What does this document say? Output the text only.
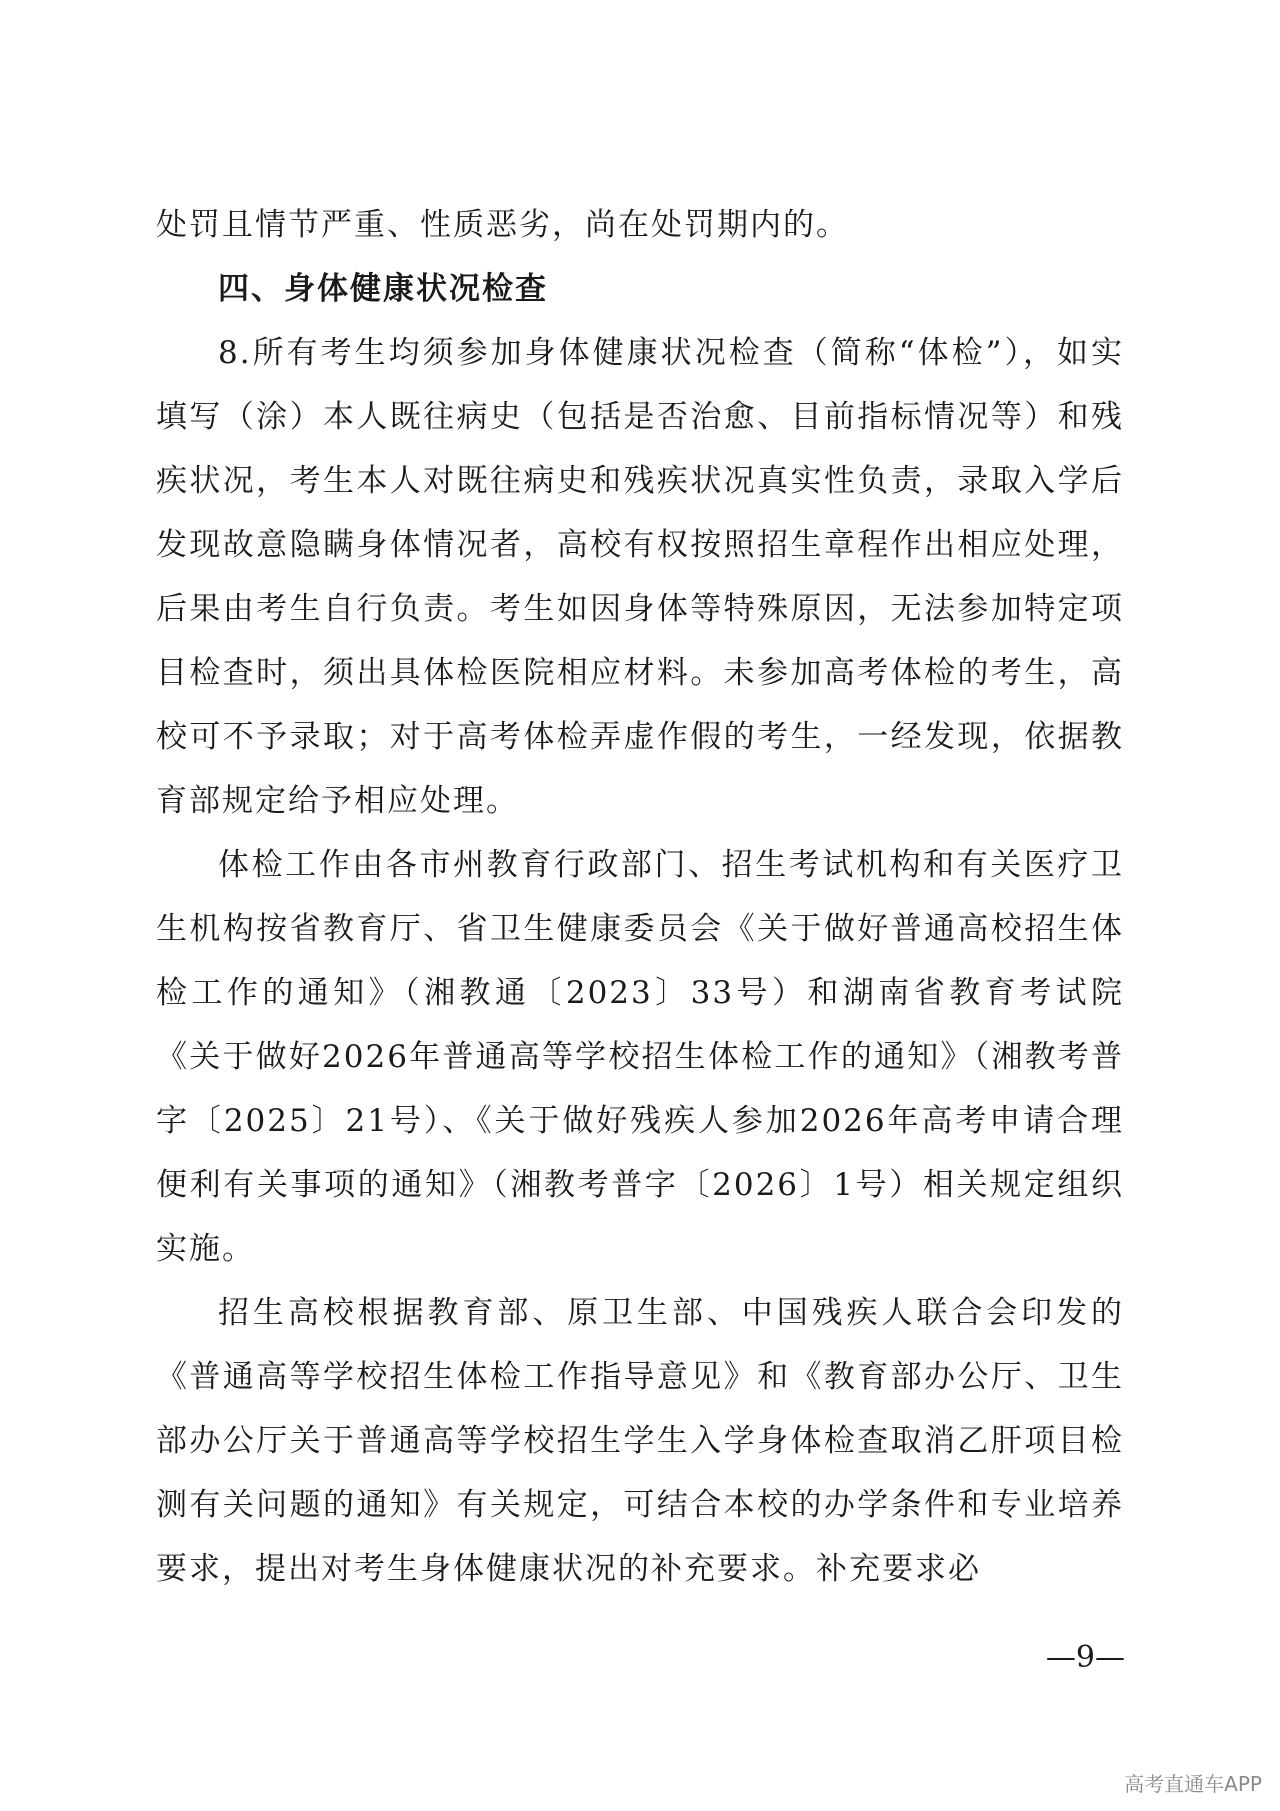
处罚且情节严重、性质恶劣，尚在处罚期内的。

四、身体健康状况检查

8.所有考生均须参加身体健康状况检查（简称“体检”），如实填写（涂）本人既往病史（包括是否治愈、目前指标情况等）和残疾状况，考生本人对既往病史和残疾状况真实性负责，录取入学后发现故意隐瞒身体情况者，高校有权按照招生章程作出相应处理，后果由考生自行负责。考生如因身体等特殊原因，无法参加特定项目检查时，须出具体检医院相应材料。未参加高考体检的考生，高校可不予录取；对于高考体检弄虚作假的考生，一经发现，依据教育部规定给予相应处理。

体检工作由各市州教育行政部门、招生考试机构和有关医疗卫生机构按省教育厅、省卫生健康委员会《关于做好普通高校招生体检工作的通知》（湘教通〔2023〕33号）和湖南省教育考试院《关于做好2026年普通高等学校招生体检工作的通知》（湘教考普字〔2025〕21号）、《关于做好残疾人参加2026年高考申请合理便利有关事项的通知》（湘教考普字〔2026〕1号）相关规定组织实施。

招生高校根据教育部、原卫生部、中国残疾人联合会印发的《普通高等学校招生体检工作指导意见》和《教育部办公厅、卫生部办公厅关于普通高等学校招生学生入学身体检查取消乙肝项目检测有关问题的通知》有关规定，可结合本校的办学条件和专业培养要求，提出对考生身体健康状况的补充要求。补充要求必

—9—
高考直通车APP
